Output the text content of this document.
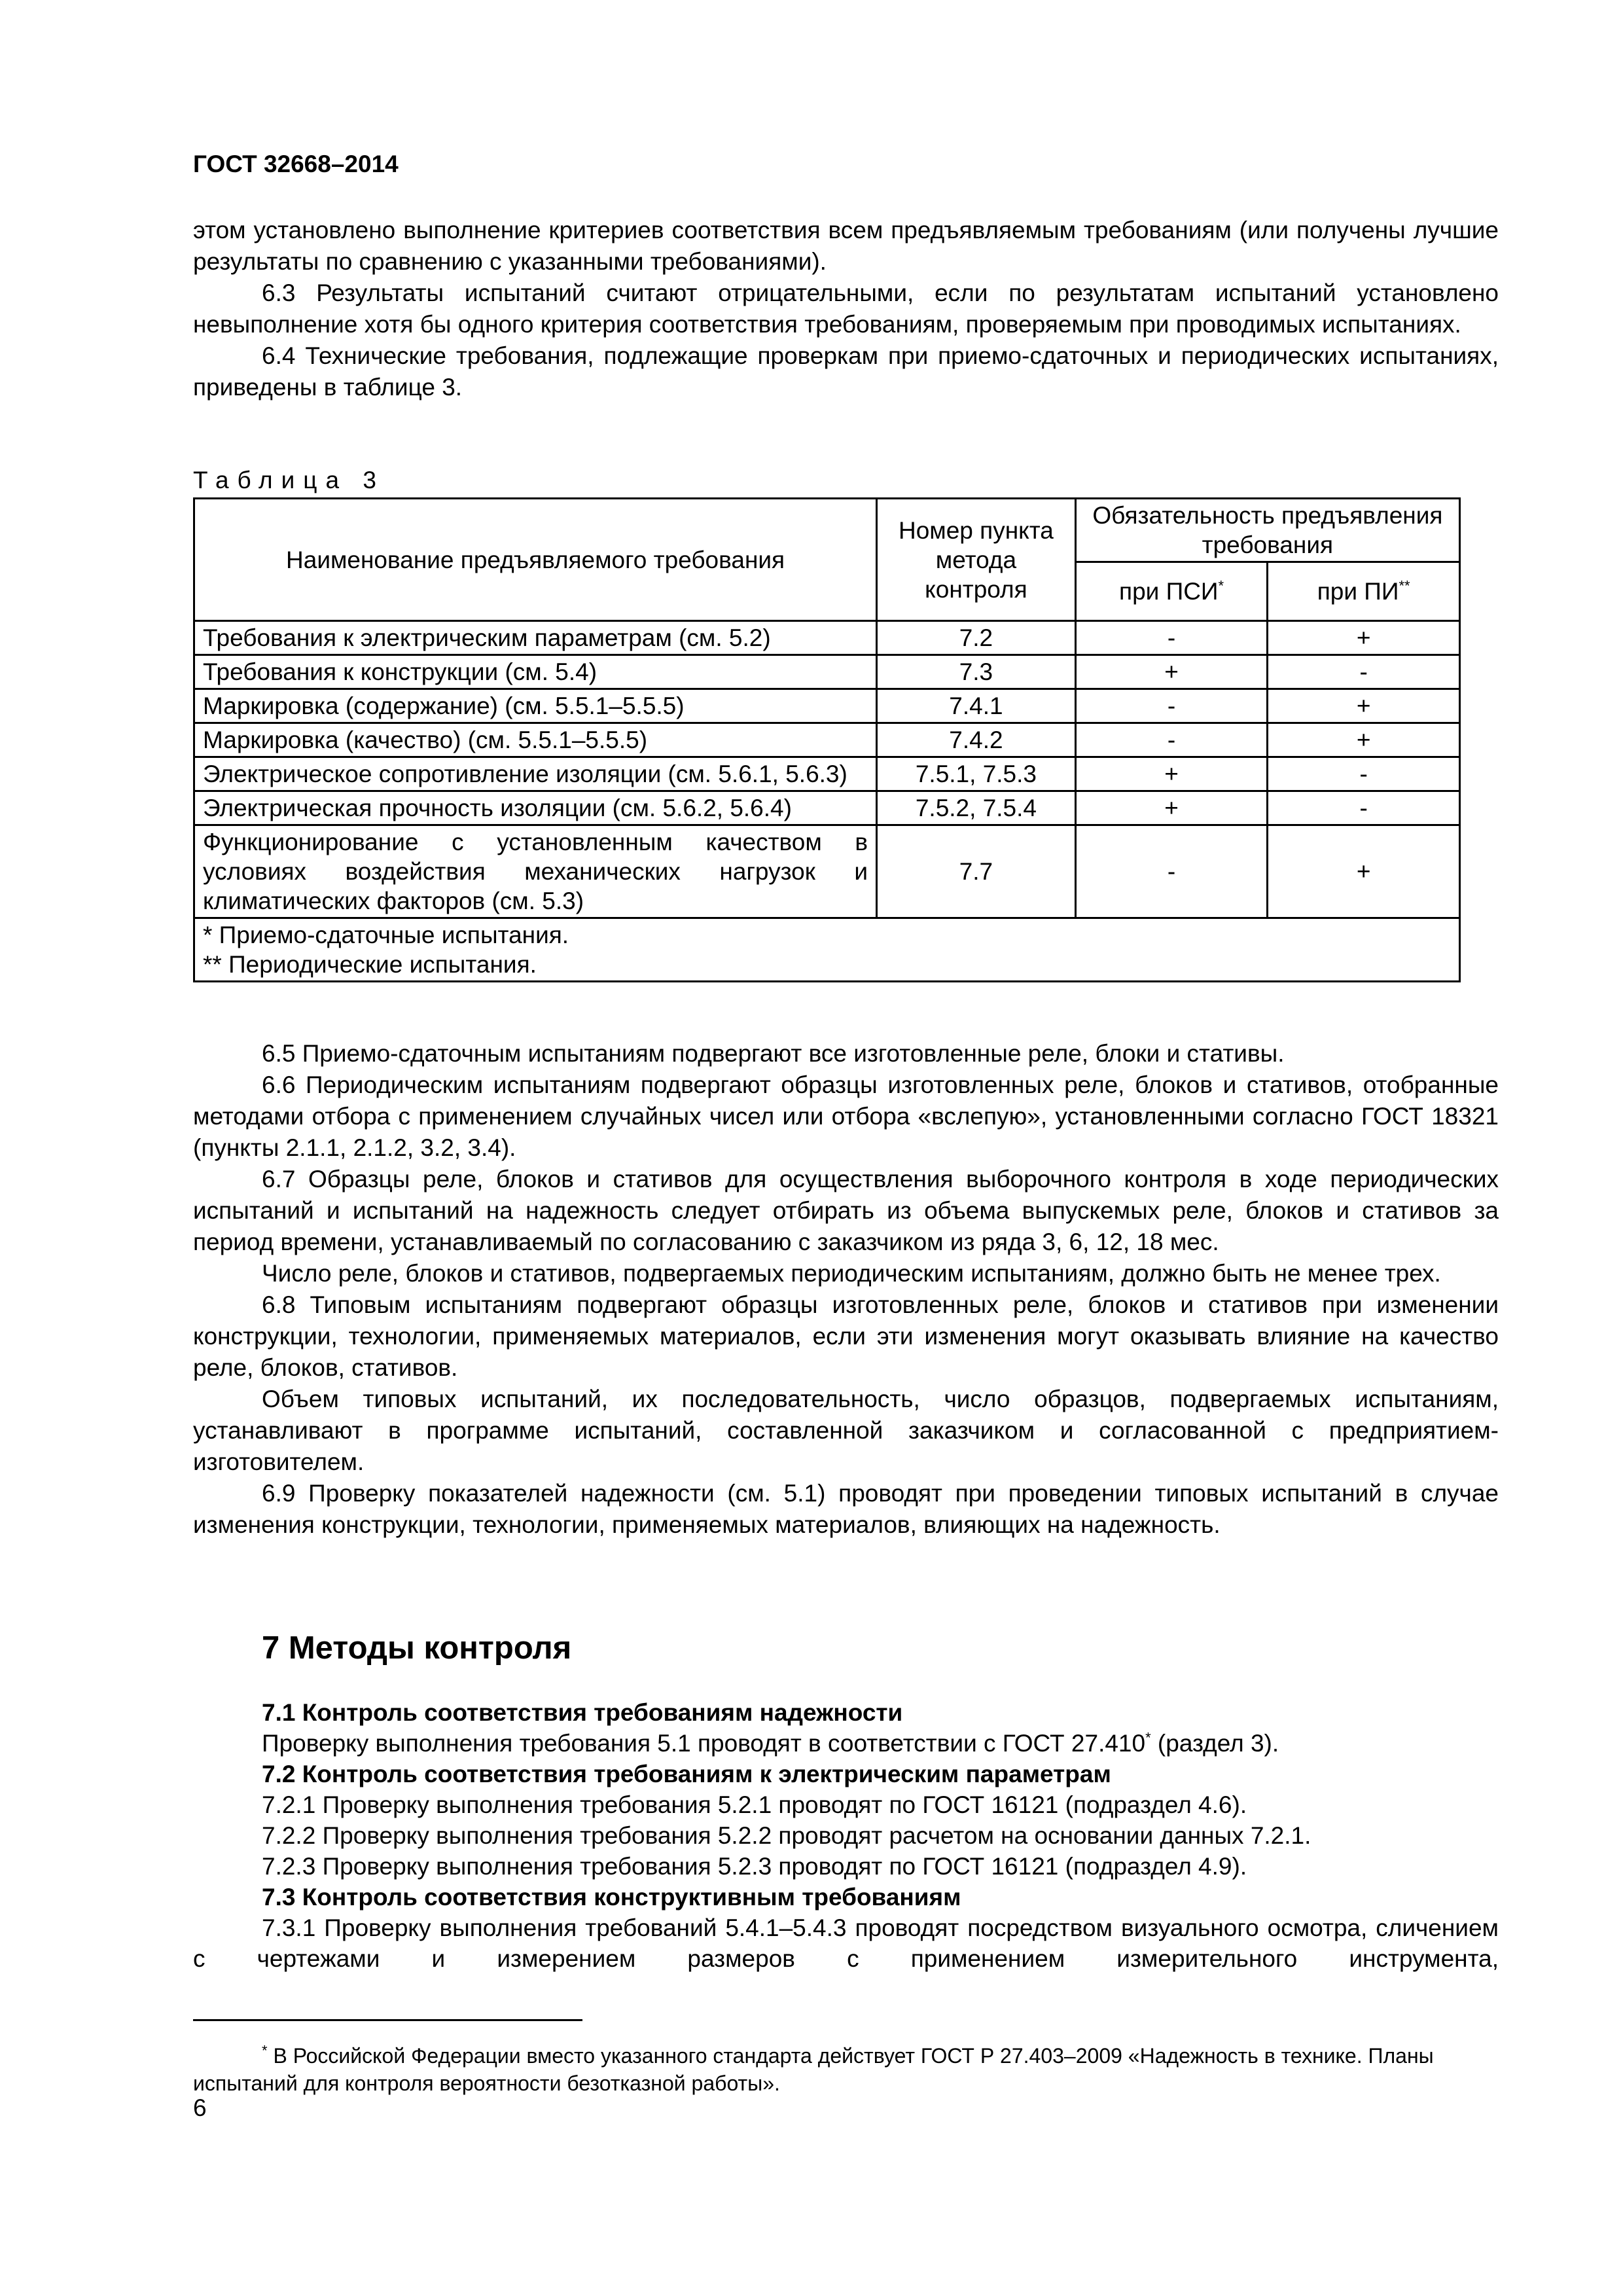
ГОСТ 32668–2014

этом установлено выполнение критериев соответствия всем предъявляемым требованиям (или получены лучшие результаты по сравнению с указанными требованиями).

6.3 Результаты испытаний считают отрицательными, если по результатам испытаний установлено невыполнение хотя бы одного критерия соответствия требованиям, проверяемым при проводимых испытаниях.

6.4 Технические требования, подлежащие проверкам при приемо-сдаточных и периодических испытаниях, приведены в таблице 3.

Таблица 3
Наименование предъявляемого требования	Номер пункта метода контроля	Обязательность предъявления требования	
		при ПСИ*	при ПИ**
Требования к электрическим параметрам (см. 5.2)	7.2	-	+
Требования к конструкции (см. 5.4)	7.3	+	-
Маркировка (содержание) (см. 5.5.1–5.5.5)	7.4.1	-	+
Маркировка (качество) (см. 5.5.1–5.5.5)	7.4.2	-	+
Электрическое сопротивление изоляции (см. 5.6.1, 5.6.3)	7.5.1, 7.5.3	+	-
Электрическая прочность изоляции (см. 5.6.2, 5.6.4)	7.5.2, 7.5.4	+	-
Функционирование с установленным качеством в условиях воздействия механических нагрузок и климатических факторов (см. 5.3)	7.7	-	+

* Приемо-сдаточные испытания.
** Периодические испытания.			

6.5 Приемо-сдаточным испытаниям подвергают все изготовленные реле, блоки и стативы.

6.6 Периодическим испытаниям подвергают образцы изготовленных реле, блоков и стативов, отобранные методами отбора с применением случайных чисел или отбора «вслепую», установленными согласно ГОСТ 18321 (пункты 2.1.1, 2.1.2, 3.2, 3.4).

6.7 Образцы реле, блоков и стативов для осуществления выборочного контроля в ходе периодических испытаний и испытаний на надежность следует отбирать из объема выпускемых реле, блоков и стативов за период времени, устанавливаемый по согласованию с заказчиком из ряда 3, 6, 12, 18 мес.

Число реле, блоков и стативов, подвергаемых периодическим испытаниям, должно быть не менее трех.

6.8 Типовым испытаниям подвергают образцы изготовленных реле, блоков и стативов при изменении конструкции, технологии, применяемых материалов, если эти изменения могут оказывать влияние на качество реле, блоков, стативов.

Объем типовых испытаний, их последовательность, число образцов, подвергаемых испытаниям, устанавливают в программе испытаний, составленной заказчиком и согласованной с предприятием-изготовителем.

6.9 Проверку показателей надежности (см. 5.1) проводят при проведении типовых испытаний в случае изменения конструкции, технологии, применяемых материалов, влияющих на надежность.

7 Методы контроля

7.1 Контроль соответствия требованиям надежности

Проверку выполнения требования 5.1 проводят в соответствии с ГОСТ 27.410* (раздел 3).

7.2 Контроль соответствия требованиям к электрическим параметрам

7.2.1 Проверку выполнения требования 5.2.1 проводят по ГОСТ 16121 (подраздел 4.6).

7.2.2 Проверку выполнения требования 5.2.2 проводят расчетом на основании данных 7.2.1.

7.2.3 Проверку выполнения требования 5.2.3 проводят по ГОСТ 16121 (подраздел 4.9).

7.3 Контроль соответствия конструктивным требованиям

7.3.1 Проверку выполнения требований 5.4.1–5.4.3 проводят посредством визуального осмотра, сличением с чертежами и измерением размеров с применением измерительного инструмента,

* В Российской Федерации вместо указанного стандарта действует ГОСТ Р 27.403–2009 «Надежность в технике. Планы испытаний для контроля вероятности безотказной работы».
6
